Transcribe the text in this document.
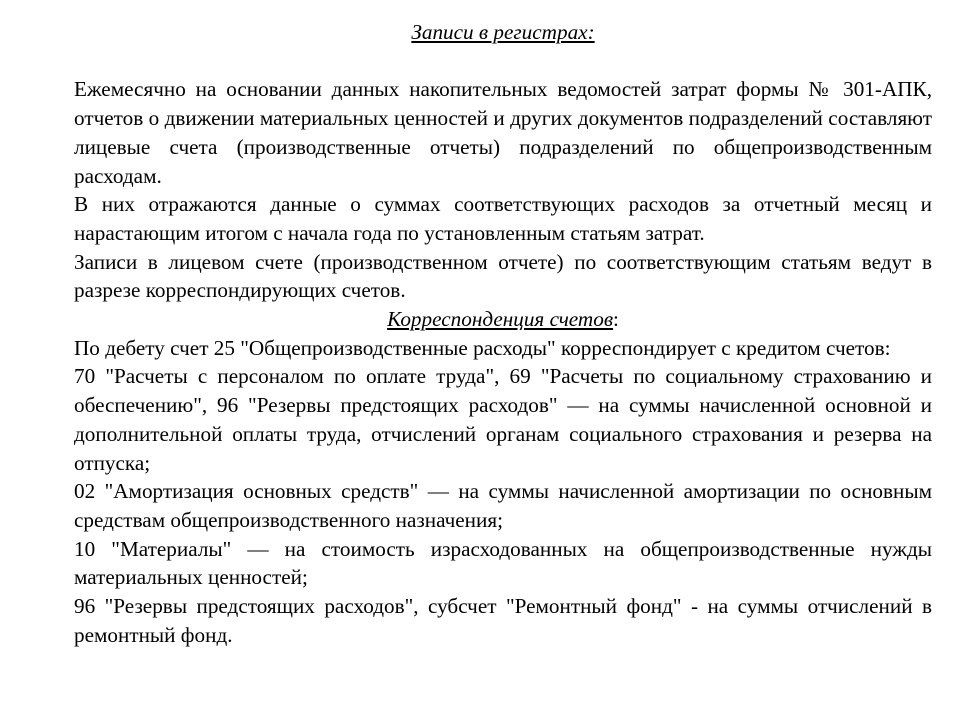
Записи в регистрах:

Ежемесячно на основании данных накопительных ведомостей затрат формы № 301-АПК, отчетов о движении материальных ценностей и других документов подразделений составляют лицевые счета (производственные отчеты) подразделений по общепроизводственным расходам.

В них отражаются данные о суммах соответствующих расходов за отчетный месяц и нарастающим итогом с начала года по установленным статьям затрат.

Записи в лицевом счете (производственном отчете) по соответствующим статьям ведут в разрезе корреспондирующих счетов.

Корреспонденция счетов:

По дебету счет 25 "Общепроизводственные расходы" корреспондирует с кредитом счетов:

70 "Расчеты с персоналом по оплате труда", 69 "Расчеты по социальному страхованию и обеспечению", 96 "Резервы предстоящих расходов" — на суммы начисленной основной и дополнительной оплаты труда, отчислений органам социального страхования и резерва на отпуска;

02 "Амортизация основных средств" — на суммы начисленной амортизации по основным средствам общепроизводственного назначения;

10 "Материалы" — на стоимость израсходованных на общепроизводственные нужды материальных ценностей;

96 "Резервы предстоящих расходов", субсчет "Ремонтный фонд" - на суммы отчислений в ремонтный фонд.
